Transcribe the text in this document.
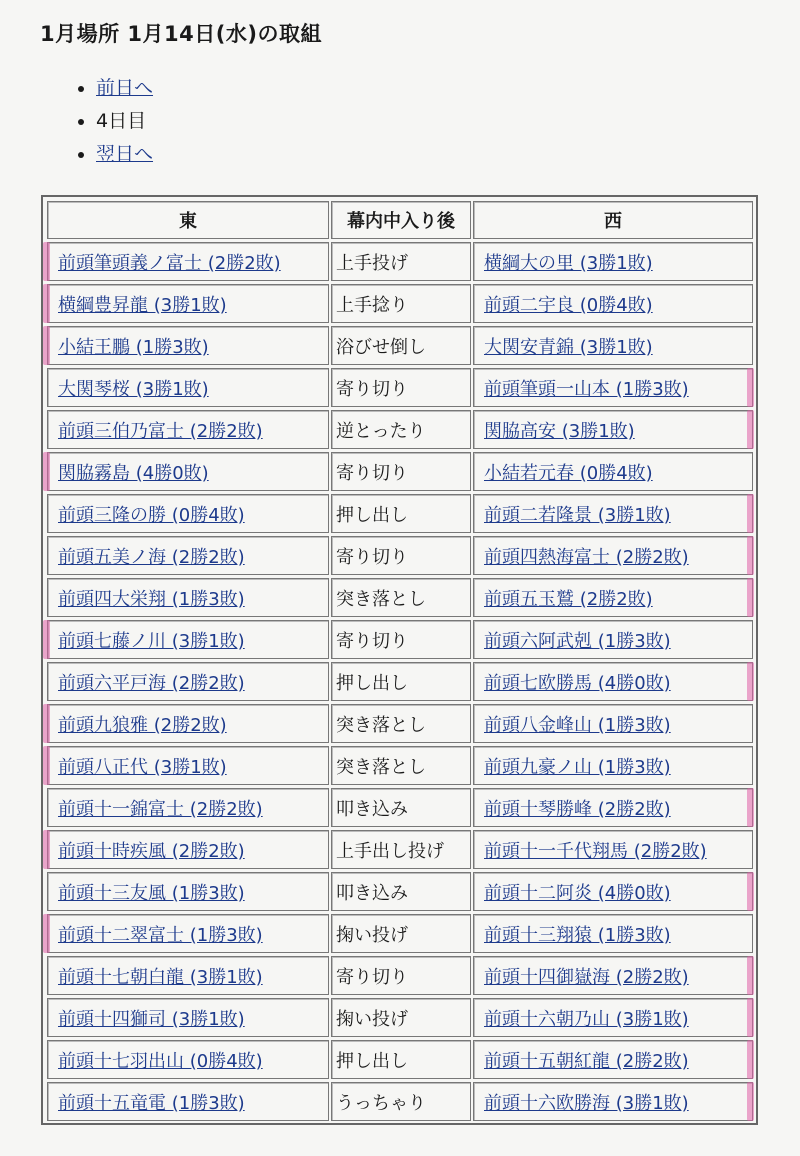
1月場所 1月14日(水)の取組
• 前日へ
• 4日目
• 翌日へ
東	幕内中入り後	西
前頭筆頭義ノ富士 (2勝2敗)	上手投げ	横綱大の里 (3勝1敗)
横綱豊昇龍 (3勝1敗)	上手捻り	前頭二宇良 (0勝4敗)
小結王鵬 (1勝3敗)	浴びせ倒し	大関安青錦 (3勝1敗)
大関琴桜 (3勝1敗)	寄り切り	前頭筆頭一山本 (1勝3敗)
前頭三伯乃富士 (2勝2敗)	逆とったり	関脇高安 (3勝1敗)
関脇霧島 (4勝0敗)	寄り切り	小結若元春 (0勝4敗)
前頭三隆の勝 (0勝4敗)	押し出し	前頭二若隆景 (3勝1敗)
前頭五美ノ海 (2勝2敗)	寄り切り	前頭四熱海富士 (2勝2敗)
前頭四大栄翔 (1勝3敗)	突き落とし	前頭五玉鷲 (2勝2敗)
前頭七藤ノ川 (3勝1敗)	寄り切り	前頭六阿武剋 (1勝3敗)
前頭六平戸海 (2勝2敗)	押し出し	前頭七欧勝馬 (4勝0敗)
前頭九狼雅 (2勝2敗)	突き落とし	前頭八金峰山 (1勝3敗)
前頭八正代 (3勝1敗)	突き落とし	前頭九豪ノ山 (1勝3敗)
前頭十一錦富士 (2勝2敗)	叩き込み	前頭十琴勝峰 (2勝2敗)
前頭十時疾風 (2勝2敗)	上手出し投げ	前頭十一千代翔馬 (2勝2敗)
前頭十三友風 (1勝3敗)	叩き込み	前頭十二阿炎 (4勝0敗)
前頭十二翠富士 (1勝3敗)	掬い投げ	前頭十三翔猿 (1勝3敗)
前頭十七朝白龍 (3勝1敗)	寄り切り	前頭十四御嶽海 (2勝2敗)
前頭十四獅司 (3勝1敗)	掬い投げ	前頭十六朝乃山 (3勝1敗)
前頭十七羽出山 (0勝4敗)	押し出し	前頭十五朝紅龍 (2勝2敗)
前頭十五竜電 (1勝3敗)	うっちゃり	前頭十六欧勝海 (3勝1敗)
